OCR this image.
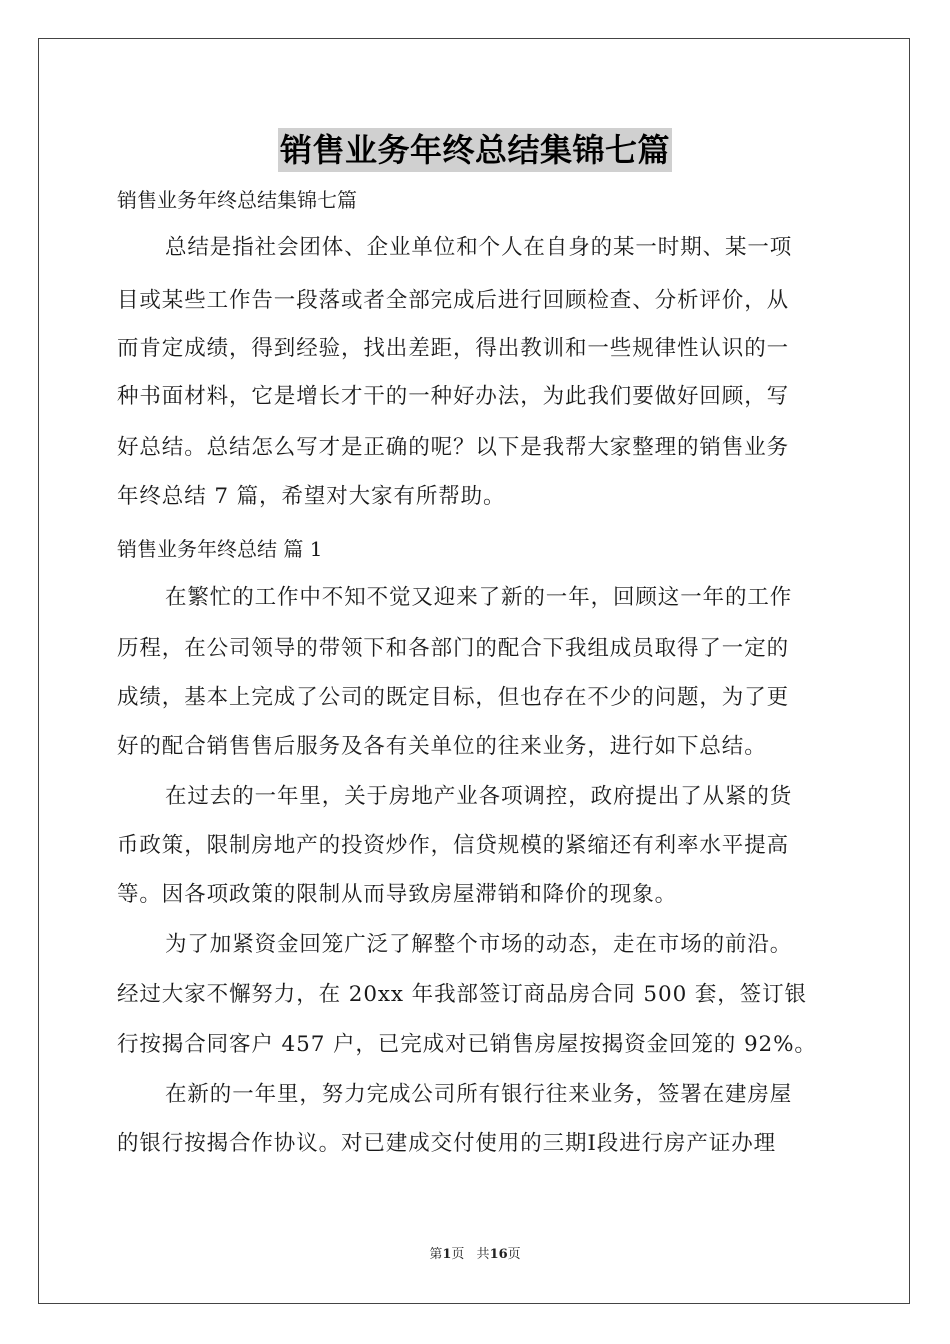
销售业务年终总结集锦七篇
销售业务年终总结集锦七篇
总结是指社会团体、企业单位和个人在自身的某一时期、某一项
目或某些工作告一段落或者全部完成后进行回顾检查、分析评价，从
而肯定成绩，得到经验，找出差距，得出教训和一些规律性认识的一
种书面材料，它是增长才干的一种好办法，为此我们要做好回顾，写
好总结。总结怎么写才是正确的呢？以下是我帮大家整理的销售业务
年终总结 7 篇，希望对大家有所帮助。
销售业务年终总结 篇 1
在繁忙的工作中不知不觉又迎来了新的一年，回顾这一年的工作
历程，在公司领导的带领下和各部门的配合下我组成员取得了一定的
成绩，基本上完成了公司的既定目标，但也存在不少的问题，为了更
好的配合销售售后服务及各有关单位的往来业务，进行如下总结。
在过去的一年里，关于房地产业各项调控，政府提出了从紧的货
币政策，限制房地产的投资炒作，信贷规模的紧缩还有利率水平提高
等。因各项政策的限制从而导致房屋滞销和降价的现象。
为了加紧资金回笼广泛了解整个市场的动态，走在市场的前沿。
经过大家不懈努力，在 20xx 年我部签订商品房合同 500 套，签订银
行按揭合同客户 457 户，已完成对已销售房屋按揭资金回笼的 92%。
在新的一年里，努力完成公司所有银行往来业务，签署在建房屋
的银行按揭合作协议。对已建成交付使用的三期Ⅰ段进行房产证办理
第1页 共16页
